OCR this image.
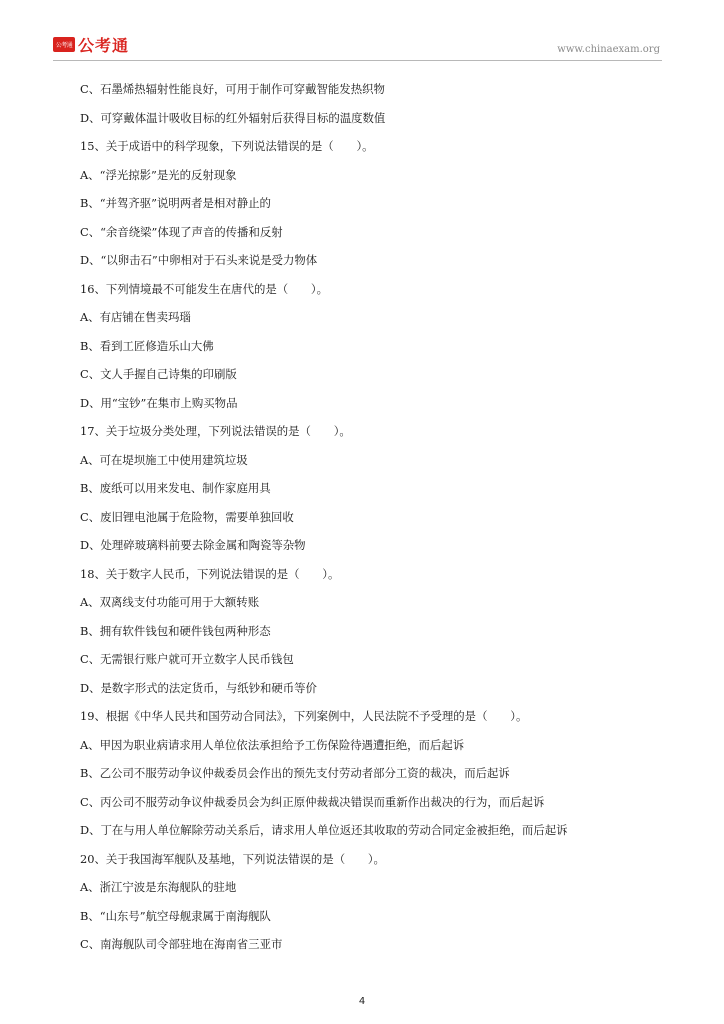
公考通 公考通	www.chinaexam.org
C、石墨烯热辐射性能良好，可用于制作可穿戴智能发热织物
D、可穿戴体温计吸收目标的红外辐射后获得目标的温度数值
15、关于成语中的科学现象，下列说法错误的是（　　）。
A、“浮光掠影”是光的反射现象
B、“并驾齐驱”说明两者是相对静止的
C、“余音绕梁”体现了声音的传播和反射
D、“以卵击石”中卵相对于石头来说是受力物体
16、下列情境最不可能发生在唐代的是（　　）。
A、有店铺在售卖玛瑙
B、看到工匠修造乐山大佛
C、文人手握自己诗集的印刷版
D、用“宝钞”在集市上购买物品
17、关于垃圾分类处理，下列说法错误的是（　　）。
A、可在堤坝施工中使用建筑垃圾
B、废纸可以用来发电、制作家庭用具
C、废旧锂电池属于危险物，需要单独回收
D、处理碎玻璃料前要去除金属和陶瓷等杂物
18、关于数字人民币，下列说法错误的是（　　）。
A、双离线支付功能可用于大额转账
B、拥有软件钱包和硬件钱包两种形态
C、无需银行账户就可开立数字人民币钱包
D、是数字形式的法定货币，与纸钞和硬币等价
19、根据《中华人民共和国劳动合同法》，下列案例中，人民法院不予受理的是（　　）。
A、甲因为职业病请求用人单位依法承担给予工伤保险待遇遭拒绝，而后起诉
B、乙公司不服劳动争议仲裁委员会作出的预先支付劳动者部分工资的裁决，而后起诉
C、丙公司不服劳动争议仲裁委员会为纠正原仲裁裁决错误而重新作出裁决的行为，而后起诉
D、丁在与用人单位解除劳动关系后，请求用人单位返还其收取的劳动合同定金被拒绝，而后起诉
20、关于我国海军舰队及基地，下列说法错误的是（　　）。
A、浙江宁波是东海舰队的驻地
B、“山东号”航空母舰隶属于南海舰队
C、南海舰队司令部驻地在海南省三亚市
4
